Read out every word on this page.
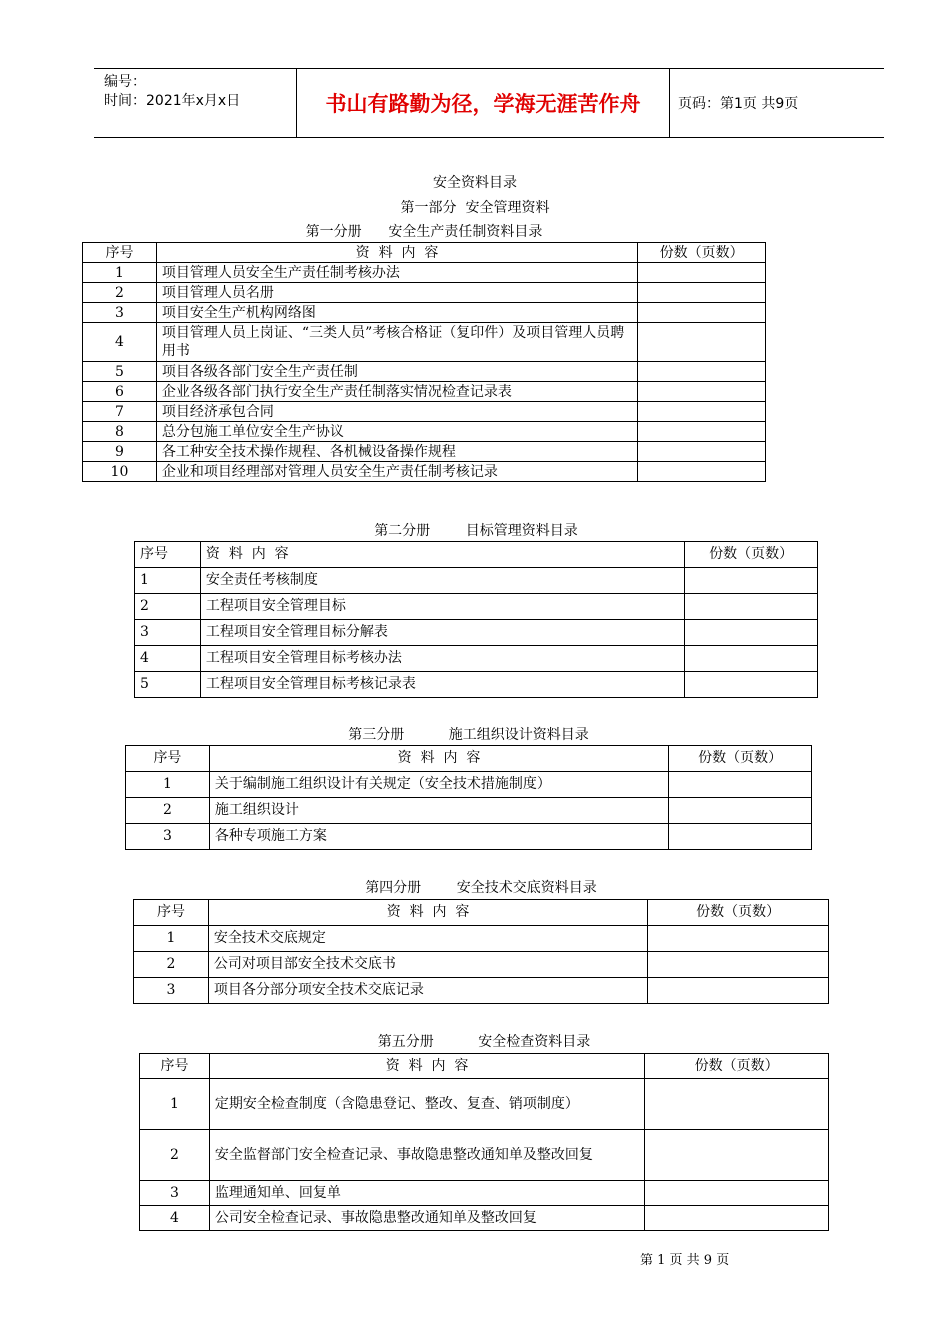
编号：
时间：2021年x月x日	书山有路勤为径，学海无涯苦作舟	页码：第1页 共9页
安全资料目录
第一部分  安全管理资料
第一分册      安全生产责任制资料目录
序号	资  料  内  容	份数（页数）
1	项目管理人员安全生产责任制考核办法	
2	项目管理人员名册	
3	项目安全生产机构网络图	
4	项目管理人员上岗证、“三类人员”考核合格证（复印件）及项目管理人员聘用书	
5	项目各级各部门安全生产责任制	
6	企业各级各部门执行安全生产责任制落实情况检查记录表	
7	项目经济承包合同	
8	总分包施工单位安全生产协议	
9	各工种安全技术操作规程、各机械设备操作规程	
10	企业和项目经理部对管理人员安全生产责任制考核记录	
第二分册        目标管理资料目录
序号	资  料  内  容	份数（页数）
1	安全责任考核制度	
2	工程项目安全管理目标	
3	工程项目安全管理目标分解表	
4	工程项目安全管理目标考核办法	
5	工程项目安全管理目标考核记录表	
第三分册          施工组织设计资料目录
序号	资  料  内  容	份数（页数）
1	关于编制施工组织设计有关规定（安全技术措施制度）	
2	施工组织设计	
3	各种专项施工方案	
第四分册        安全技术交底资料目录
序号	资  料  内  容	份数（页数）
1	安全技术交底规定	
2	公司对项目部安全技术交底书	
3	项目各分部分项安全技术交底记录	
第五分册          安全检查资料目录
序号	资  料  内  容	份数（页数）
1	定期安全检查制度（含隐患登记、整改、复查、销项制度）	
2	安全监督部门安全检查记录、事故隐患整改通知单及整改回复	
3	监理通知单、回复单	
4	公司安全检查记录、事故隐患整改通知单及整改回复	
第 1 页 共 9 页
